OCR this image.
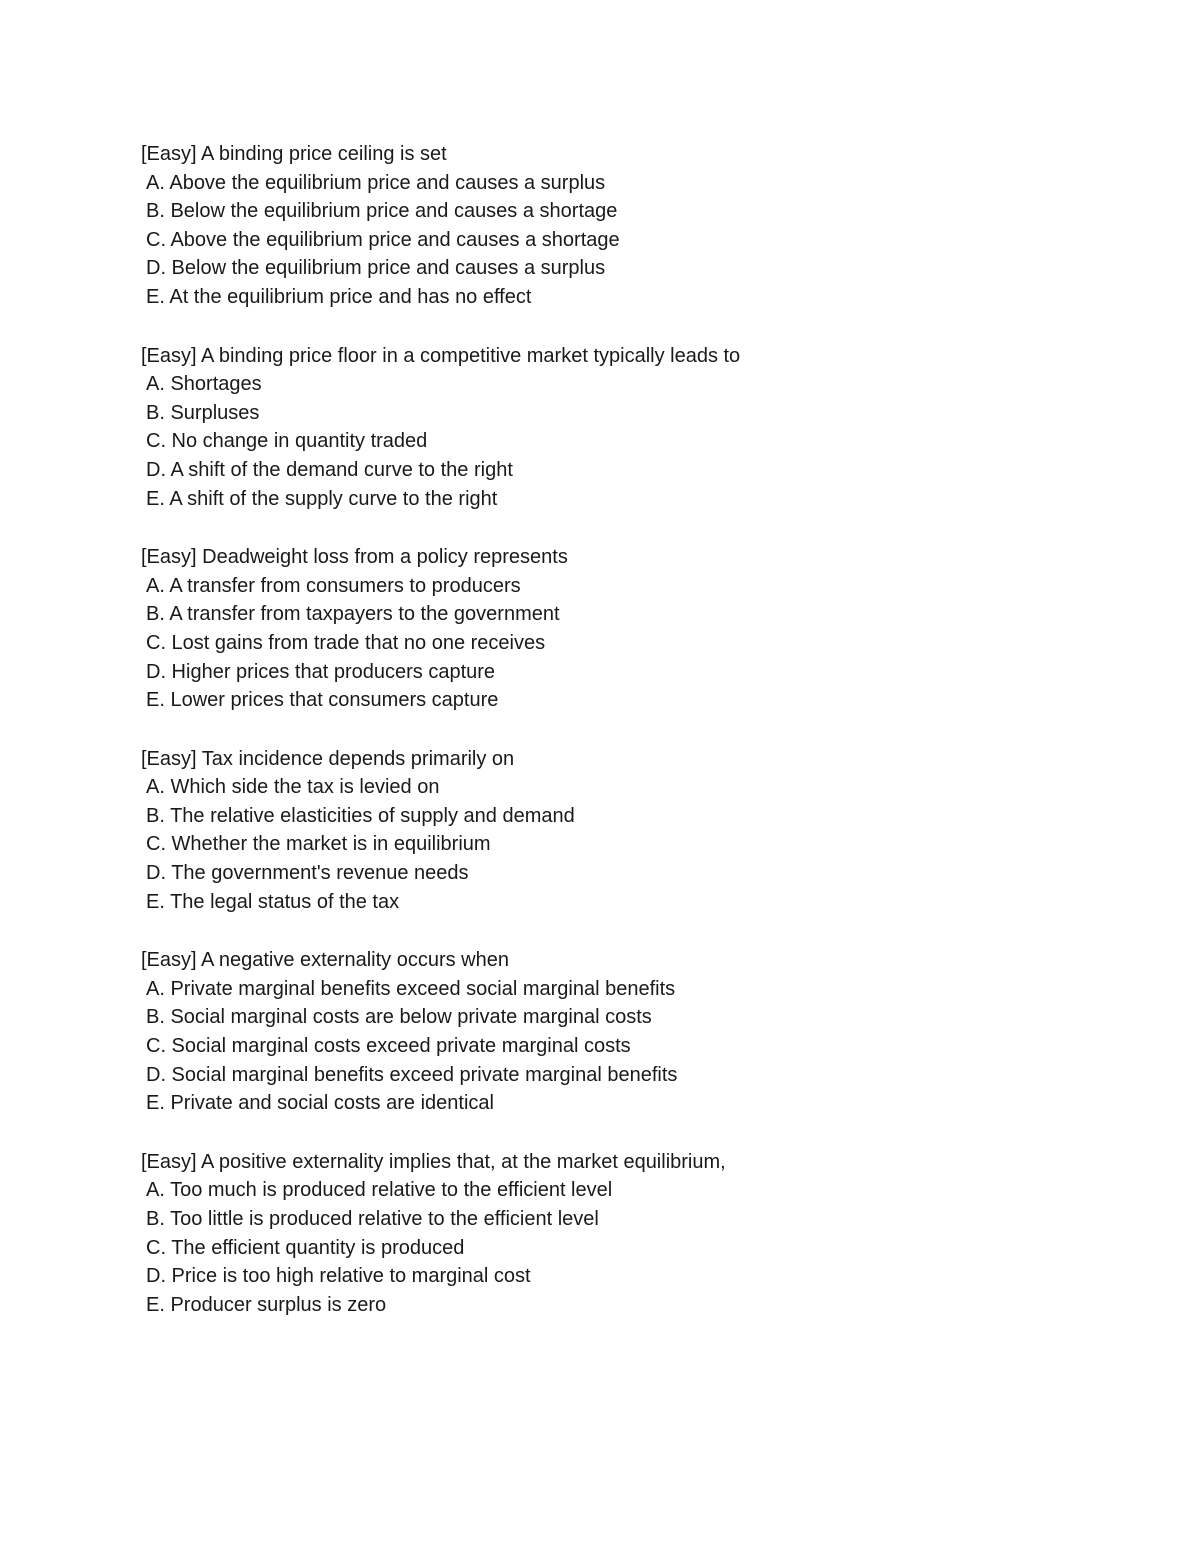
[Easy] A binding price ceiling is set
A. Above the equilibrium price and causes a surplus
B. Below the equilibrium price and causes a shortage
C. Above the equilibrium price and causes a shortage
D. Below the equilibrium price and causes a surplus
E. At the equilibrium price and has no effect
[Easy] A binding price floor in a competitive market typically leads to
A. Shortages
B. Surpluses
C. No change in quantity traded
D. A shift of the demand curve to the right
E. A shift of the supply curve to the right
[Easy] Deadweight loss from a policy represents
A. A transfer from consumers to producers
B. A transfer from taxpayers to the government
C. Lost gains from trade that no one receives
D. Higher prices that producers capture
E. Lower prices that consumers capture
[Easy] Tax incidence depends primarily on
A. Which side the tax is levied on
B. The relative elasticities of supply and demand
C. Whether the market is in equilibrium
D. The government's revenue needs
E. The legal status of the tax
[Easy] A negative externality occurs when
A. Private marginal benefits exceed social marginal benefits
B. Social marginal costs are below private marginal costs
C. Social marginal costs exceed private marginal costs
D. Social marginal benefits exceed private marginal benefits
E. Private and social costs are identical
[Easy] A positive externality implies that, at the market equilibrium,
A. Too much is produced relative to the efficient level
B. Too little is produced relative to the efficient level
C. The efficient quantity is produced
D. Price is too high relative to marginal cost
E. Producer surplus is zero
